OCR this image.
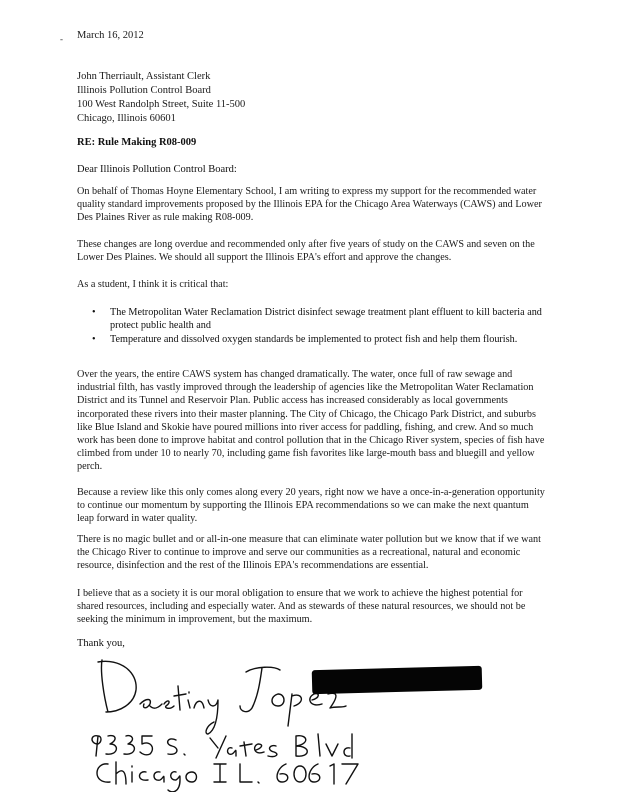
- March 16, 2012
John Therriault, Assistant Clerk
Illinois Pollution Control Board
100 West Randolph Street, Suite 11-500
Chicago, Illinois 60601
RE: Rule Making R08-009
Dear Illinois Pollution Control Board:

On behalf of Thomas Hoyne Elementary School, I am writing to express my support for the recommended water quality standard improvements proposed by the Illinois EPA for the Chicago Area Waterways (CAWS) and Lower Des Plaines River as rule making R08-009.

These changes are long overdue and recommended only after five years of study on the CAWS and seven on the Lower Des Plaines. We should all support the Illinois EPA's effort and approve the changes.

As a student, I think it is critical that:

• The Metropolitan Water Reclamation District disinfect sewage treatment plant effluent to kill bacteria and protect public health and
• Temperature and dissolved oxygen standards be implemented to protect fish and help them flourish.

Over the years, the entire CAWS system has changed dramatically. The water, once full of raw sewage and industrial filth, has vastly improved through the leadership of agencies like the Metropolitan Water Reclamation District and its Tunnel and Reservoir Plan. Public access has increased considerably as local governments incorporated these rivers into their master planning. The City of Chicago, the Chicago Park District, and suburbs like Blue Island and Skokie have poured millions into river access for paddling, fishing, and crew. And so much work has been done to improve habitat and control pollution that in the Chicago River system, species of fish have climbed from under 10 to nearly 70, including game fish favorites like large-mouth bass and bluegill and yellow perch.

Because a review like this only comes along every 20 years, right now we have a once-in-a-generation opportunity to continue our momentum by supporting the Illinois EPA recommendations so we can make the next quantum leap forward in water quality.

There is no magic bullet and or all-in-one measure that can eliminate water pollution but we know that if we want the Chicago River to continue to improve and serve our communities as a recreational, natural and economic resource, disinfection and the rest of the Illinois EPA's recommendations are essential.

I believe that as a society it is our moral obligation to ensure that we work to achieve the highest potential for shared resources, including and especially water. And as stewards of these natural resources, we should not be seeking the minimum in improvement, but the maximum.

Thank you,
